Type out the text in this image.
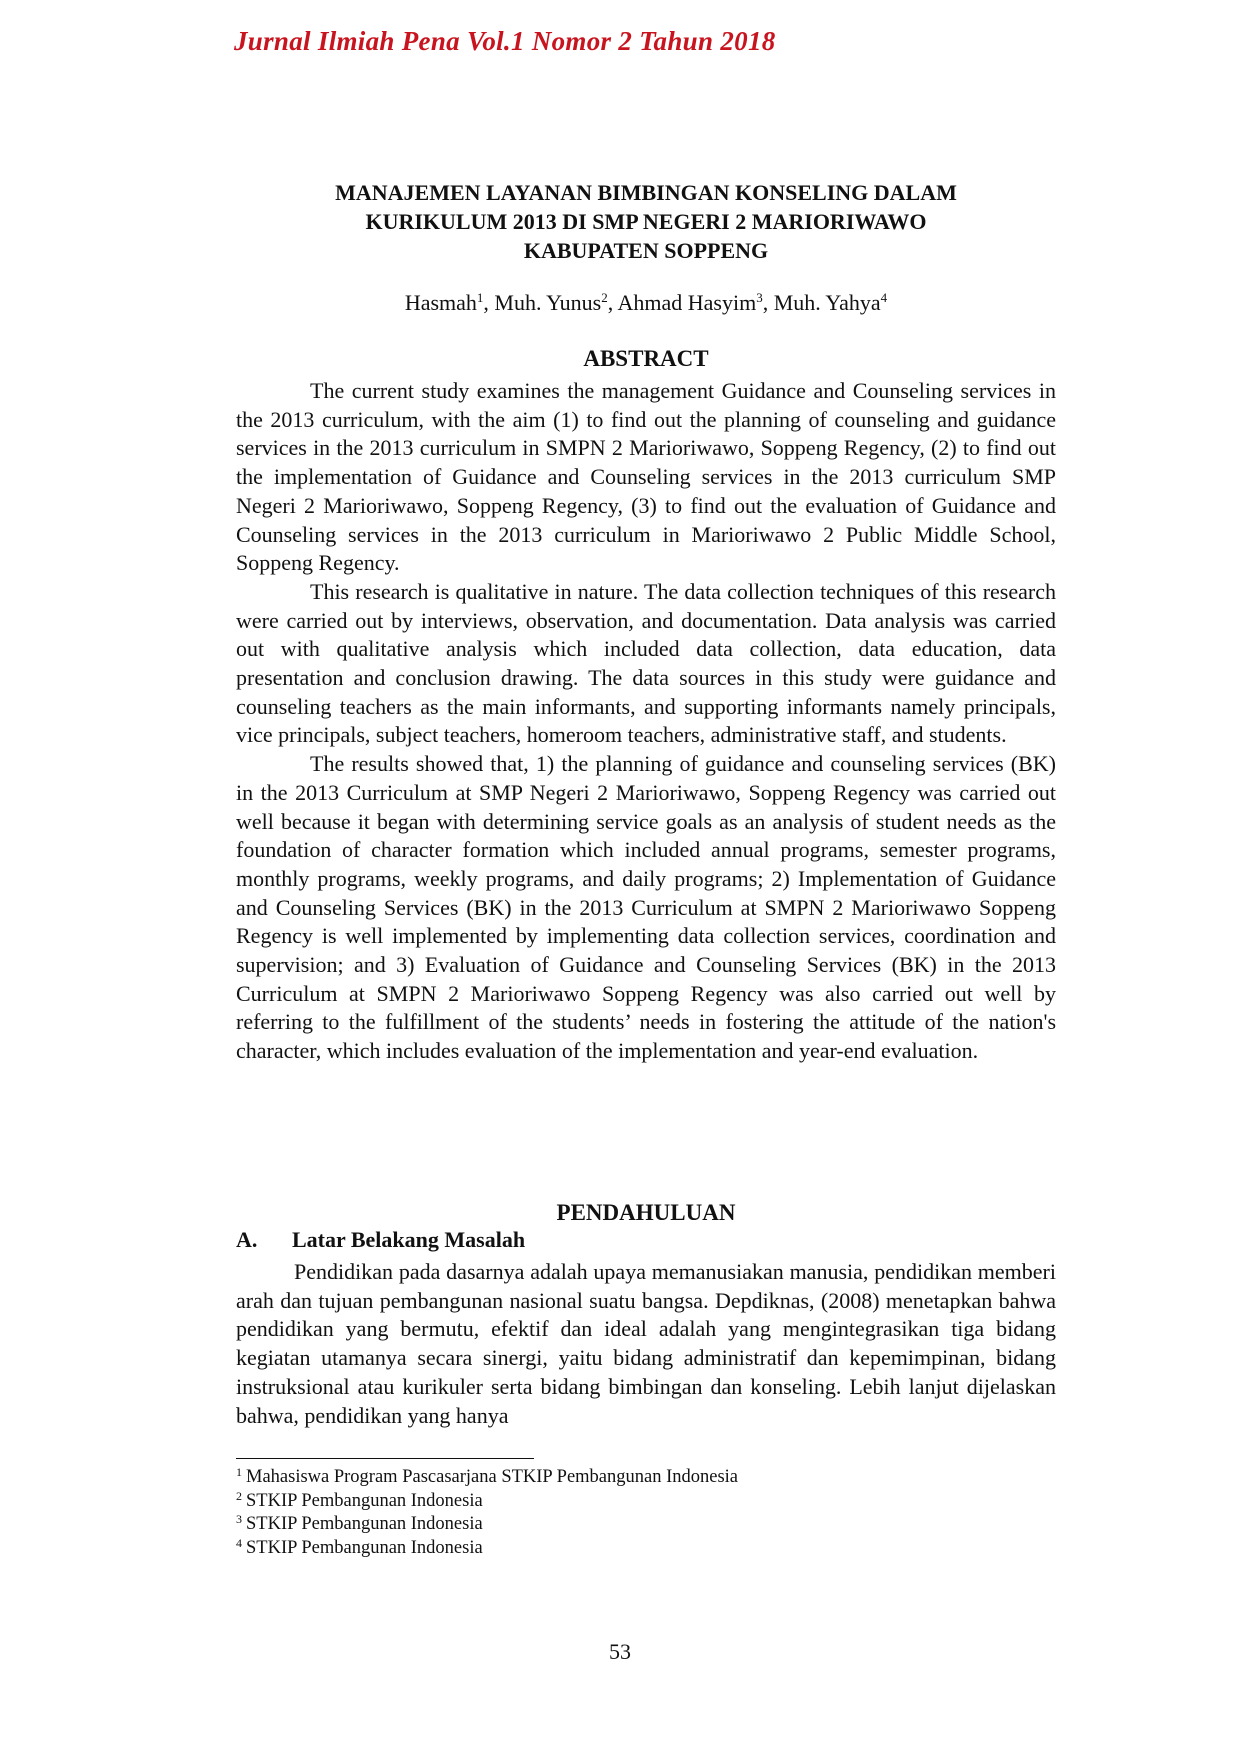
Jurnal Ilmiah Pena Vol.1 Nomor 2 Tahun 2018
MANAJEMEN LAYANAN BIMBINGAN KONSELING DALAM
KURIKULUM 2013 DI SMP NEGERI 2 MARIORIWAWO
KABUPATEN SOPPENG
Hasmah$^1$, Muh. Yunus$^2$, Ahmad Hasyim$^3$, Muh. Yahya$^4$
ABSTRACT

The current study examines the management Guidance and Counseling services in the 2013 curriculum, with the aim (1) to find out the planning of counseling and guidance services in the 2013 curriculum in SMPN 2 Marioriwawo, Soppeng Regency, (2) to find out the implementation of Guidance and Counseling services in the 2013 curriculum SMP Negeri 2 Marioriwawo, Soppeng Regency, (3) to find out the evaluation of Guidance and Counseling services in the 2013 curriculum in Marioriwawo 2 Public Middle School, Soppeng Regency.

This research is qualitative in nature. The data collection techniques of this research were carried out by interviews, observation, and documentation. Data analysis was carried out with qualitative analysis which included data collection, data education, data presentation and conclusion drawing. The data sources in this study were guidance and counseling teachers as the main informants, and supporting informants namely principals, vice principals, subject teachers, homeroom teachers, administrative staff, and students.

The results showed that, 1) the planning of guidance and counseling services (BK) in the 2013 Curriculum at SMP Negeri 2 Marioriwawo, Soppeng Regency was carried out well because it began with determining service goals as an analysis of student needs as the foundation of character formation which included annual programs, semester programs, monthly programs, weekly programs, and daily programs; 2) Implementation of Guidance and Counseling Services (BK) in the 2013 Curriculum at SMPN 2 Marioriwawo Soppeng Regency is well implemented by implementing data collection services, coordination and supervision; and 3) Evaluation of Guidance and Counseling Services (BK) in the 2013 Curriculum at SMPN 2 Marioriwawo Soppeng Regency was also carried out well by referring to the fulfillment of the students’ needs in fostering the attitude of the nation's character, which includes evaluation of the implementation and year-end evaluation.

PENDAHULUAN
A. Latar Belakang Masalah

Pendidikan pada dasarnya adalah upaya memanusiakan manusia, pendidikan memberi arah dan tujuan pembangunan nasional suatu bangsa. Depdiknas, (2008) menetapkan bahwa pendidikan yang bermutu, efektif dan ideal adalah yang mengintegrasikan tiga bidang kegiatan utamanya secara sinergi, yaitu bidang administratif dan kepemimpinan, bidang instruksional atau kurikuler serta bidang bimbingan dan konseling. Lebih lanjut dijelaskan bahwa, pendidikan yang hanya

$^1$ Mahasiswa Program Pascasarjana STKIP Pembangunan Indonesia
$^2$ STKIP Pembangunan Indonesia
$^3$ STKIP Pembangunan Indonesia
$^4$ STKIP Pembangunan Indonesia
53
